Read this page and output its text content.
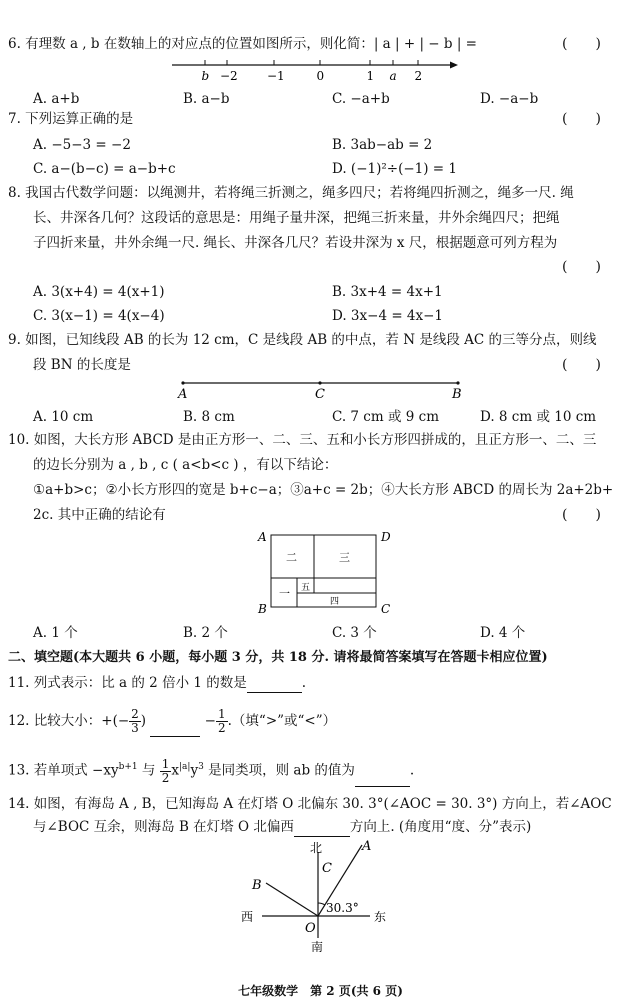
6. 有理数 a , b 在数轴上的对应点的位置如图所示，则化简：| a | + | − b | =	(　　)
b −2 −1	0	1 a 2
A. a+b	B. a−b	C. −a+b	D. −a−b
7. 下列运算正确的是	(　　)
A. −5−3 = −2	B. 3ab−ab = 2
C. a−(b−c) = a−b+c	D. (−1)²÷(−1) = 1
8. 我国古代数学问题：以绳测井，若将绳三折测之，绳多四尺；若将绳四折测之，绳多一尺. 绳
长、井深各几何？这段话的意思是：用绳子量井深，把绳三折来量，井外余绳四尺；把绳
子四折来量，井外余绳一尺. 绳长、井深各几尺？若设井深为 x 尺，根据题意可列方程为
(　　)
A. 3(x+4) = 4(x+1)	B. 3x+4 = 4x+1
C. 3(x−1) = 4(x−4)	D. 3x−4 = 4x−1
9. 如图，已知线段 AB 的长为 12 cm，C 是线段 AB 的中点，若 N 是线段 AC 的三等分点，则线
段 BN 的长度是	(　　)
A	C	B
A. 10 cm	B. 8 cm	C. 7 cm 或 9 cm	D. 8 cm 或 10 cm
10. 如图，大长方形 ABCD 是由正方形一、二、三、五和小长方形四拼成的，且正方形一、二、三
的边长分别为 a , b , c ( a<b<c ) ，有以下结论：
①a+b>c；②小长方形四的宽是 b+c−a；③a+c = 2b；④大长方形 ABCD 的周长为 2a+2b+
2c. 其中正确的结论有	(　　)
A	D
B	C
二	三
一 五
四
A. 1 个	B. 2 个	C. 3 个	D. 4 个
二、填空题(本大题共 6 小题，每小题 3 分，共 18 分. 请将最简答案填写在答题卡相应位置)
11. 列式表示：比 a 的 2 倍小 1 的数是	.
12. 比较大小：+(− $\frac{2}{3}$ )	− $\frac{1}{2}$ .（填“>”或“<”）
13. 若单项式 $-xy^{b+1}$ 与 $\frac{1}{2} x^{|a|}y^3$ 是同类项，则 ab 的值为	.
14. 如图，有海岛 A , B，已知海岛 A 在灯塔 O 北偏东 30. 3°(∠AOC = 30. 3°) 方向上，若∠AOC
与∠BOC 互余，则海岛 B 在灯塔 O 北偏西	方向上. (角度用“度、分”表示)
北
C
A
B
30.3°
西	东
O
南
七年级数学　第 2 页(共 6 页)
